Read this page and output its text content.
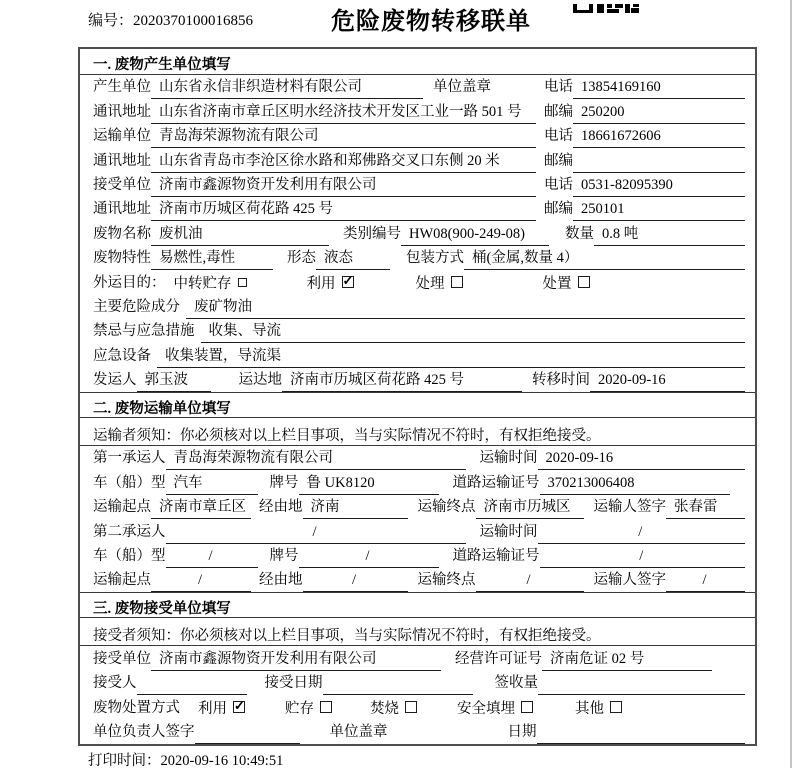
编号：2020370100016856	危险废物转移联单
一. 废物产生单位填写
产生单位 山东省永信非织造材料有限公司	单位盖章	电话 13854169160
通讯地址 山东省济南市章丘区明水经济技术开发区工业一路 501 号	邮编 250200
运输单位 青岛海荣源物流有限公司	电话 18661672606
通讯地址 山东省青岛市李沧区徐水路和郑佛路交叉口东侧 20 米	邮编
接受单位 济南市鑫源物资开发利用有限公司	电话 0531-82095390
通讯地址 济南市历城区荷花路 425 号	邮编 250101
废物名称 废机油	类别编号 HW08(900-249-08)	数量 0.8 吨
废物特性 易燃性,毒性	形态 液态	包装方式 桶(金属,数量 4）
外运目的： 中转贮存	利用 ✓	处理	处置
主要危险成分 废矿物油
禁忌与应急措施 收集、导流
应急设备 收集装置，导流渠
发运人 郭玉波	运达地 济南市历城区荷花路 425 号	转移时间 2020-09-16
二. 废物运输单位填写
运输者须知：你必须核对以上栏目事项，当与实际情况不符时，有权拒绝接受。
第一承运人 青岛海荣源物流有限公司	运输时间 2020-09-16
车（船）型 汽车	牌号 鲁 UK8120	道路运输证号 370213006408
运输起点 济南市章丘区 经由地 济南	运输终点 济南市历城区	运输人签字 张春雷
第二承运人	/	运输时间	/
车（船）型	/	牌号	/	道路运输证号	/
运输起点	/	经由地	/	运输终点	/	运输人签字	/
三. 废物接受单位填写
接受者须知：你必须核对以上栏目事项，当与实际情况不符时，有权拒绝接受。
接受单位 济南市鑫源物资开发利用有限公司	经营许可证号 济南危证 02 号
接受人	接受日期	签收量
废物处置方式 利用 ✓	贮存	焚烧	安全填埋	其他
单位负责人签字	单位盖章	日期
打印时间：2020-09-16 10:49:51
